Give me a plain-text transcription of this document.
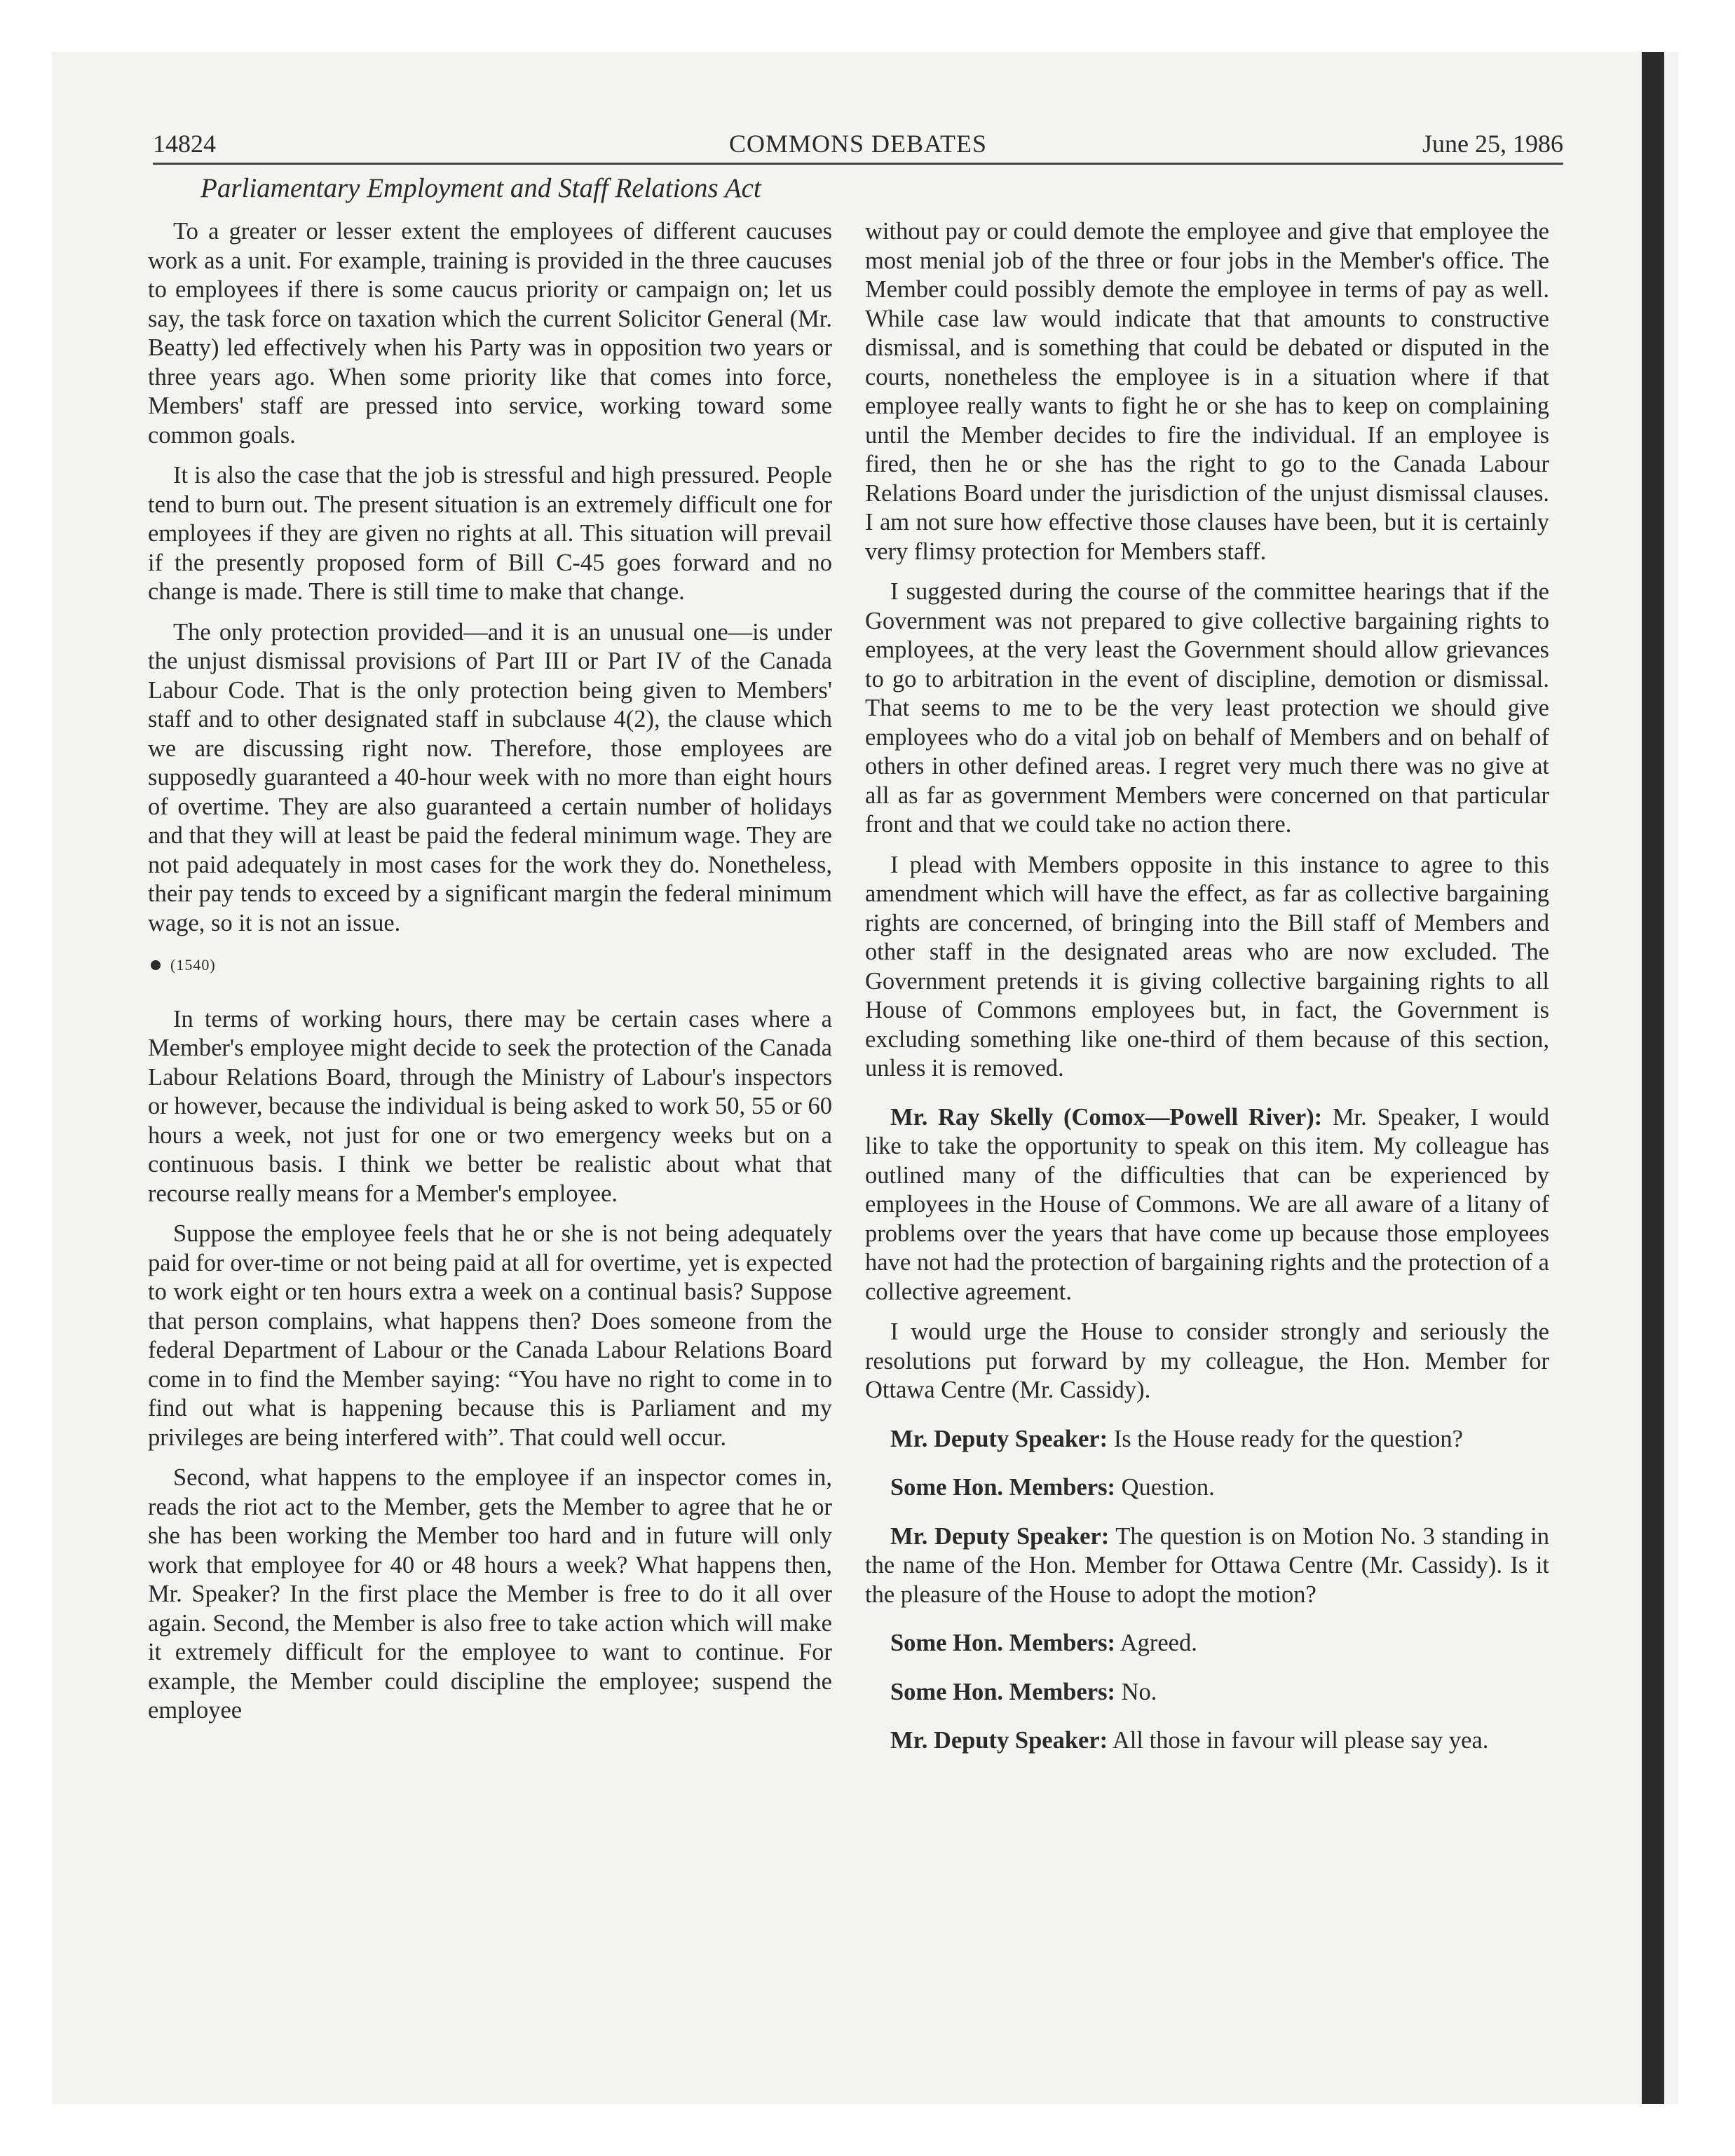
14824	COMMONS DEBATES	June 25, 1986
Parliamentary Employment and Staff Relations Act

To a greater or lesser extent the employees of different caucuses work as a unit. For example, training is provided in the three caucuses to employees if there is some caucus priority or campaign on; let us say, the task force on taxation which the current Solicitor General (Mr. Beatty) led effectively when his Party was in opposition two years or three years ago. When some priority like that comes into force, Members' staff are pressed into service, working toward some common goals.

It is also the case that the job is stressful and high pressured. People tend to burn out. The present situation is an extremely difficult one for employees if they are given no rights at all. This situation will prevail if the presently proposed form of Bill C-45 goes forward and no change is made. There is still time to make that change.

The only protection provided—and it is an unusual one—is under the unjust dismissal provisions of Part III or Part IV of the Canada Labour Code. That is the only protection being given to Members' staff and to other designated staff in subclause 4(2), the clause which we are discussing right now. Therefore, those employees are supposedly guaranteed a 40-hour week with no more than eight hours of overtime. They are also guaranteed a certain number of holidays and that they will at least be paid the federal minimum wage. They are not paid adequately in most cases for the work they do. Nonetheless, their pay tends to exceed by a significant margin the federal minimum wage, so it is not an issue.

(1540)

In terms of working hours, there may be certain cases where a Member's employee might decide to seek the protection of the Canada Labour Relations Board, through the Ministry of Labour's inspectors or however, because the individual is being asked to work 50, 55 or 60 hours a week, not just for one or two emergency weeks but on a continuous basis. I think we better be realistic about what that recourse really means for a Member's employee.

Suppose the employee feels that he or she is not being adequately paid for over-time or not being paid at all for overtime, yet is expected to work eight or ten hours extra a week on a continual basis? Suppose that person complains, what happens then? Does someone from the federal Department of Labour or the Canada Labour Relations Board come in to find the Member saying: “You have no right to come in to find out what is happening because this is Parliament and my privileges are being interfered with”. That could well occur.

Second, what happens to the employee if an inspector comes in, reads the riot act to the Member, gets the Member to agree that he or she has been working the Member too hard and in future will only work that employee for 40 or 48 hours a week? What happens then, Mr. Speaker? In the first place the Member is free to do it all over again. Second, the Member is also free to take action which will make it extremely difficult for the employee to want to continue. For example, the Member could discipline the employee; suspend the employee

without pay or could demote the employee and give that employee the most menial job of the three or four jobs in the Member's office. The Member could possibly demote the employee in terms of pay as well. While case law would indicate that that amounts to constructive dismissal, and is something that could be debated or disputed in the courts, nonetheless the employee is in a situation where if that employee really wants to fight he or she has to keep on complaining until the Member decides to fire the individual. If an employee is fired, then he or she has the right to go to the Canada Labour Relations Board under the jurisdiction of the unjust dismissal clauses. I am not sure how effective those clauses have been, but it is certainly very flimsy protection for Members staff.

I suggested during the course of the committee hearings that if the Government was not prepared to give collective bargaining rights to employees, at the very least the Government should allow grievances to go to arbitration in the event of discipline, demotion or dismissal. That seems to me to be the very least protection we should give employees who do a vital job on behalf of Members and on behalf of others in other defined areas. I regret very much there was no give at all as far as government Members were concerned on that particular front and that we could take no action there.

I plead with Members opposite in this instance to agree to this amendment which will have the effect, as far as collective bargaining rights are concerned, of bringing into the Bill staff of Members and other staff in the designated areas who are now excluded. The Government pretends it is giving collective bargaining rights to all House of Commons employees but, in fact, the Government is excluding something like one-third of them because of this section, unless it is removed.

Mr. Ray Skelly (Comox—Powell River): Mr. Speaker, I would like to take the opportunity to speak on this item. My colleague has outlined many of the difficulties that can be experienced by employees in the House of Commons. We are all aware of a litany of problems over the years that have come up because those employees have not had the protection of bargaining rights and the protection of a collective agreement.

I would urge the House to consider strongly and seriously the resolutions put forward by my colleague, the Hon. Member for Ottawa Centre (Mr. Cassidy).

Mr. Deputy Speaker: Is the House ready for the question?

Some Hon. Members: Question.

Mr. Deputy Speaker: The question is on Motion No. 3 standing in the name of the Hon. Member for Ottawa Centre (Mr. Cassidy). Is it the pleasure of the House to adopt the motion?

Some Hon. Members: Agreed.

Some Hon. Members: No.

Mr. Deputy Speaker: All those in favour will please say yea.
